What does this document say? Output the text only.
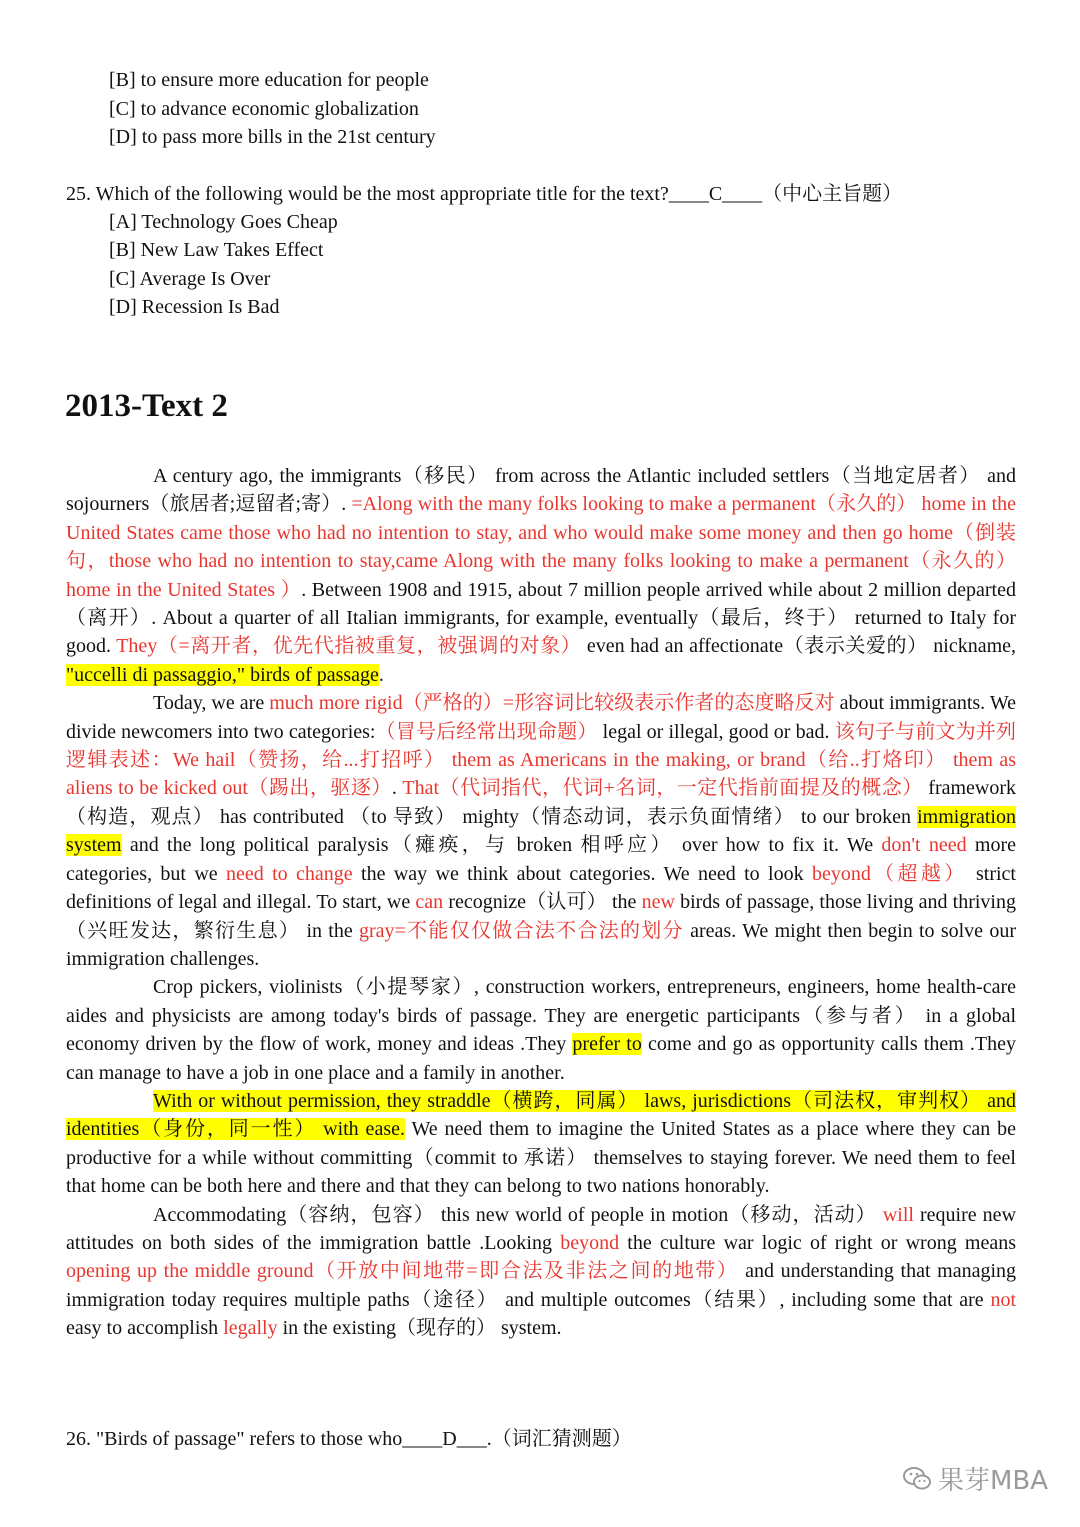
[B] to ensure more education for people
[C] to advance economic globalization
[D] to pass more bills in the 21st century
25. Which of the following would be the most appropriate title for the text?____C____（中心主旨题）
[A] Technology Goes Cheap
[B] New Law Takes Effect
[C] Average Is Over
[D] Recession Is Bad
2013-Text 2

A century ago, the immigrants（移民） from across the Atlantic included settlers（当地定居者） and sojourners（旅居者;逗留者;寄）. =Along with the many folks looking to make a permanent（永久的） home in the United States came those who had no intention to stay, and who would make some money and then go home（倒装句，those who had no intention to stay,came Along with the many folks looking to make a permanent（永久的） home in the United States ）. Between 1908 and 1915, about 7 million people arrived while about 2 million departed（离开）. About a quarter of all Italian immigrants, for example, eventually（最后，终于） returned to Italy for good. They（=离开者，优先代指被重复，被强调的对象） even had an affectionate（表示关爱的） nickname, "uccelli di passaggio," birds of passage.

Today, we are much more rigid（严格的）=形容词比较级表示作者的态度略反对 about immigrants. We divide newcomers into two categories:（冒号后经常出现命题） legal or illegal, good or bad. 该句子与前文为并列逻辑表述：We hail（赞扬，给...打招呼） them as Americans in the making, or brand（给..打烙印） them as aliens to be kicked out（踢出，驱逐）. That（代词指代，代词+名词，一定代指前面提及的概念） framework（构造，观点） has contributed （to 导致） mighty（情态动词，表示负面情绪） to our broken immigration system and the long political paralysis（瘫痪，与 broken 相呼应） over how to fix it. We don't need more categories, but we need to change the way we think about categories. We need to look beyond（超越） strict definitions of legal and illegal. To start, we can recognize（认可） the new birds of passage, those living and thriving（兴旺发达，繁衍生息） in the gray=不能仅仅做合法不合法的划分 areas. We might then begin to solve our immigration challenges.

Crop pickers, violinists（小提琴家）, construction workers, entrepreneurs, engineers, home health-care aides and physicists are among today's birds of passage. They are energetic participants（参与者） in a global economy driven by the flow of work, money and ideas .They prefer to come and go as opportunity calls them .They can manage to have a job in one place and a family in another.

With or without permission, they straddle（横跨，同属） laws, jurisdictions（司法权，审判权） and identities（身份，同一性） with ease. We need them to imagine the United States as a place where they can be productive for a while without committing（commit to 承诺） themselves to staying forever. We need them to feel that home can be both here and there and that they can belong to two nations honorably.

Accommodating（容纳，包容） this new world of people in motion（移动，活动） will require new attitudes on both sides of the immigration battle .Looking beyond the culture war logic of right or wrong means opening up the middle ground（开放中间地带=即合法及非法之间的地带） and understanding that managing immigration today requires multiple paths（途径） and multiple outcomes（结果）, including some that are not easy to accomplish legally in the existing（现存的） system.

26. "Birds of passage" refers to those who____D___.（词汇猜测题）
果芽MBA
